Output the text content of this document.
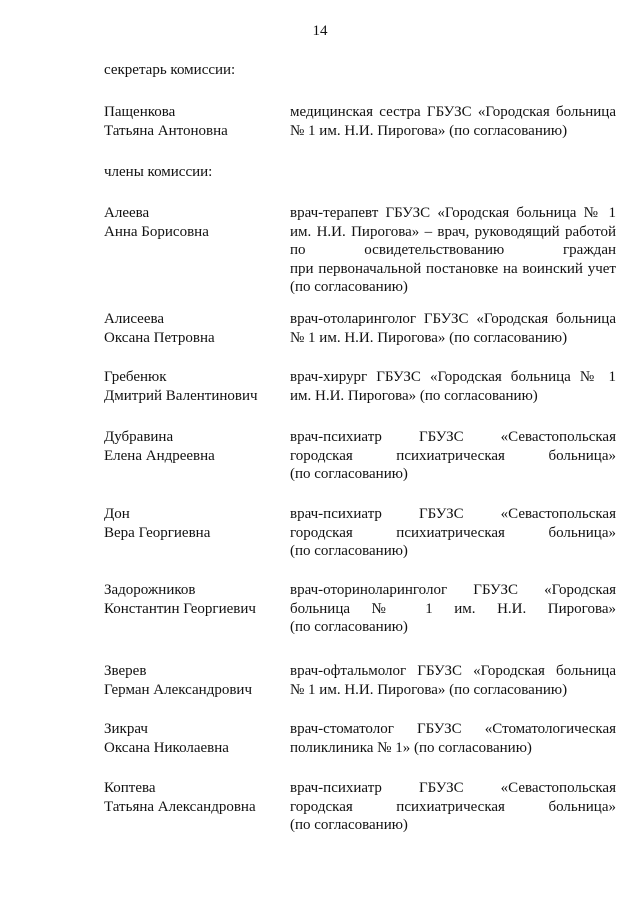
14
секретарь комиссии:
Пащенкова
Татьяна Антоновна
медицинская сестра ГБУЗС «Городская больница
№ 1 им. Н.И. Пирогова» (по согласованию)
члены комиссии:
Алеева
Анна Борисовна
врач-терапевт ГБУЗС «Городская больница № 1
им. Н.И. Пирогова» – врач, руководящий работой
по освидетельствованию граждан
при первоначальной постановке на воинский учет
(по согласованию)
Алисеева
Оксана Петровна
врач-отоларинголог ГБУЗС «Городская больница
№ 1 им. Н.И. Пирогова» (по согласованию)
Гребенюк
Дмитрий Валентинович
врач-хирург ГБУЗС «Городская больница № 1
им. Н.И. Пирогова» (по согласованию)
Дубравина
Елена Андреевна
врач-психиатр ГБУЗС «Севастопольская
городская психиатрическая больница»
(по согласованию)
Дон
Вера Георгиевна
врач-психиатр ГБУЗС «Севастопольская
городская психиатрическая больница»
(по согласованию)
Задорожников
Константин Георгиевич
врач-оториноларинголог ГБУЗС «Городская
больница № 1 им. Н.И. Пирогова»
(по согласованию)
Зверев
Герман Александрович
врач-офтальмолог ГБУЗС «Городская больница
№ 1 им. Н.И. Пирогова» (по согласованию)
Зикрач
Оксана Николаевна
врач-стоматолог ГБУЗС «Стоматологическая
поликлиника № 1» (по согласованию)
Коптева
Татьяна Александровна
врач-психиатр ГБУЗС «Севастопольская
городская психиатрическая больница»
(по согласованию)
